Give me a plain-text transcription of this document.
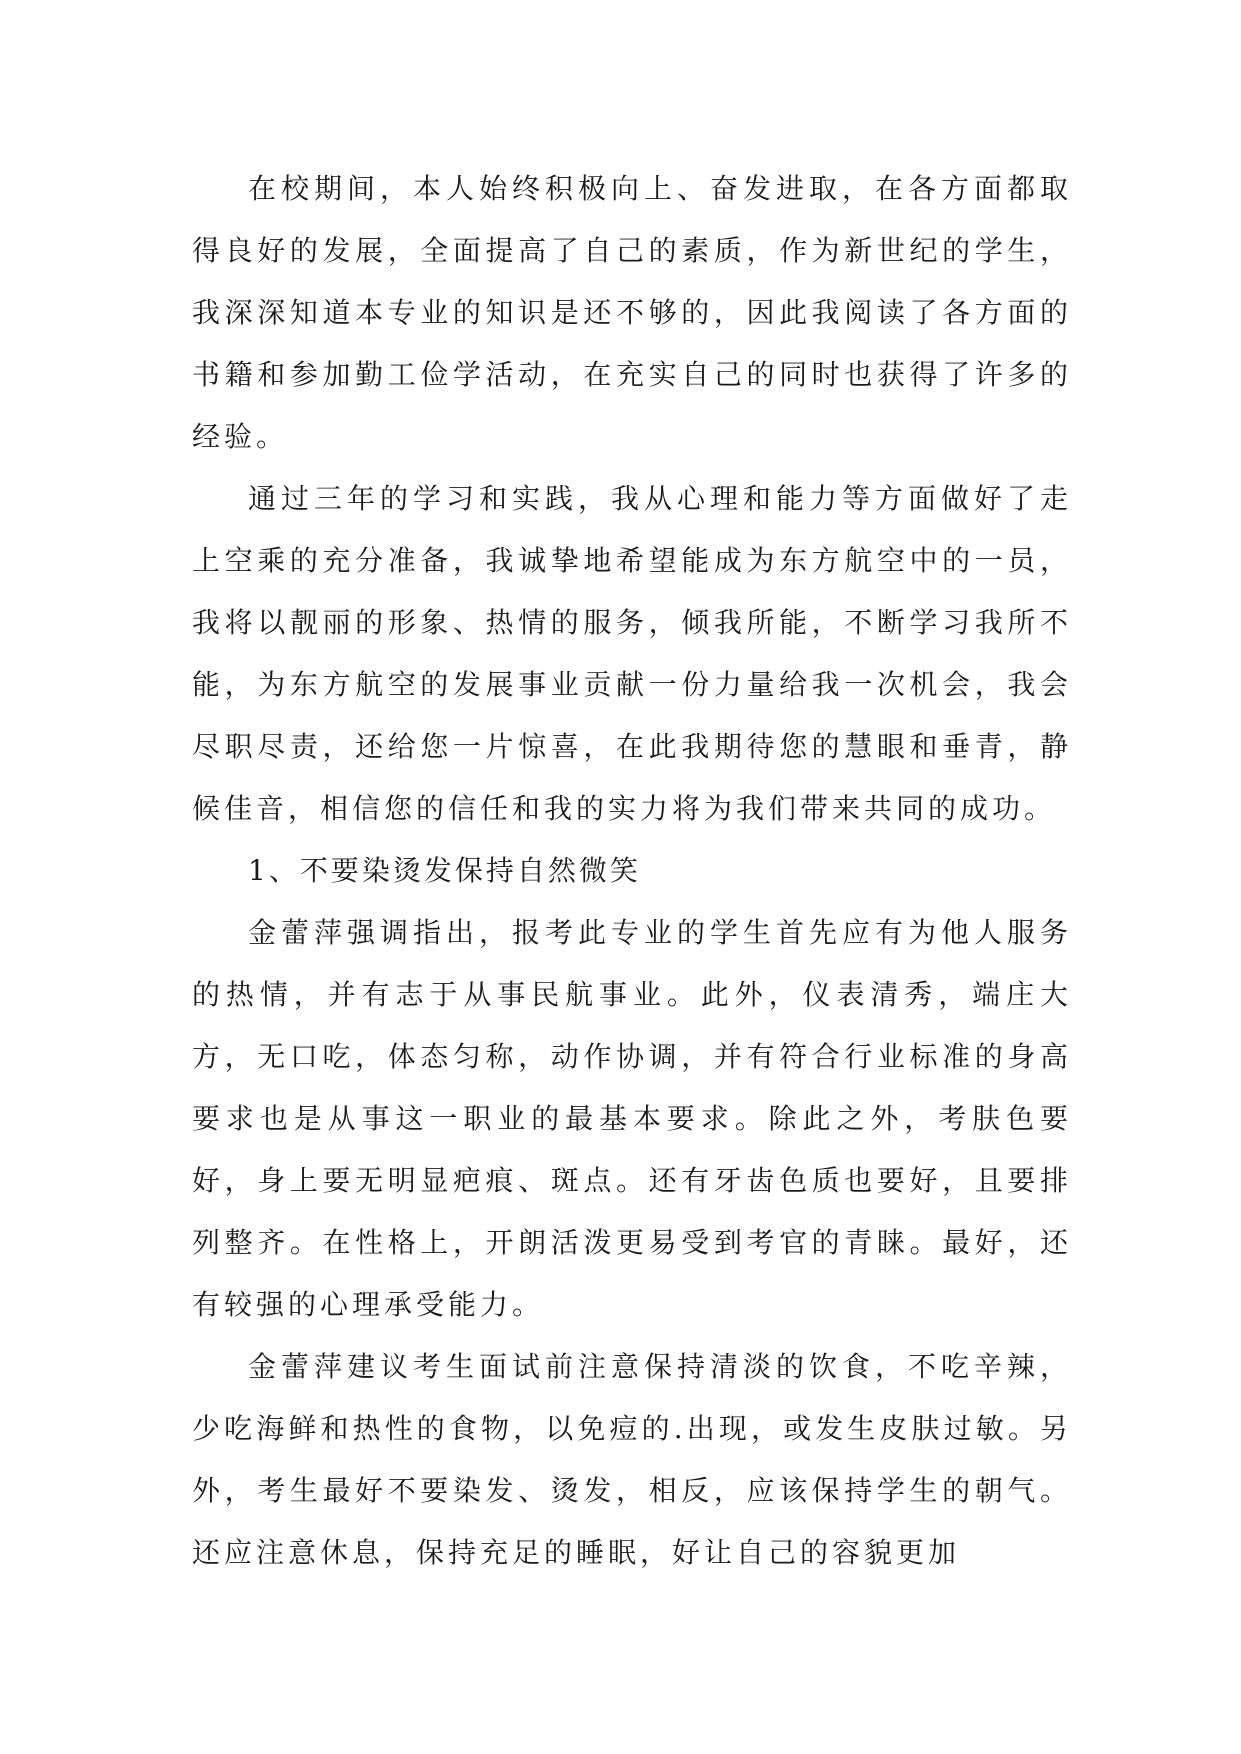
在校期间，本人始终积极向上、奋发进取，在各方面都取得良好的发展，全面提高了自己的素质，作为新世纪的学生，我深深知道本专业的知识是还不够的，因此我阅读了各方面的书籍和参加勤工俭学活动，在充实自己的同时也获得了许多的经验。

通过三年的学习和实践，我从心理和能力等方面做好了走上空乘的充分准备，我诚挚地希望能成为东方航空中的一员，我将以靓丽的形象、热情的服务，倾我所能，不断学习我所不能，为东方航空的发展事业贡献一份力量给我一次机会，我会尽职尽责，还给您一片惊喜，在此我期待您的慧眼和垂青，静候佳音，相信您的信任和我的实力将为我们带来共同的成功。

1、不要染烫发保持自然微笑

金蕾萍强调指出，报考此专业的学生首先应有为他人服务的热情，并有志于从事民航事业。此外，仪表清秀，端庄大方，无口吃，体态匀称，动作协调，并有符合行业标准的身高要求也是从事这一职业的最基本要求。除此之外，考肤色要好，身上要无明显疤痕、斑点。还有牙齿色质也要好，且要排列整齐。在性格上，开朗活泼更易受到考官的青睐。最好，还有较强的心理承受能力。

金蕾萍建议考生面试前注意保持清淡的饮食，不吃辛辣，少吃海鲜和热性的食物，以免痘的.出现，或发生皮肤过敏。另外，考生最好不要染发、烫发，相反，应该保持学生的朝气。还应注意休息，保持充足的睡眠，好让自己的容貌更加
